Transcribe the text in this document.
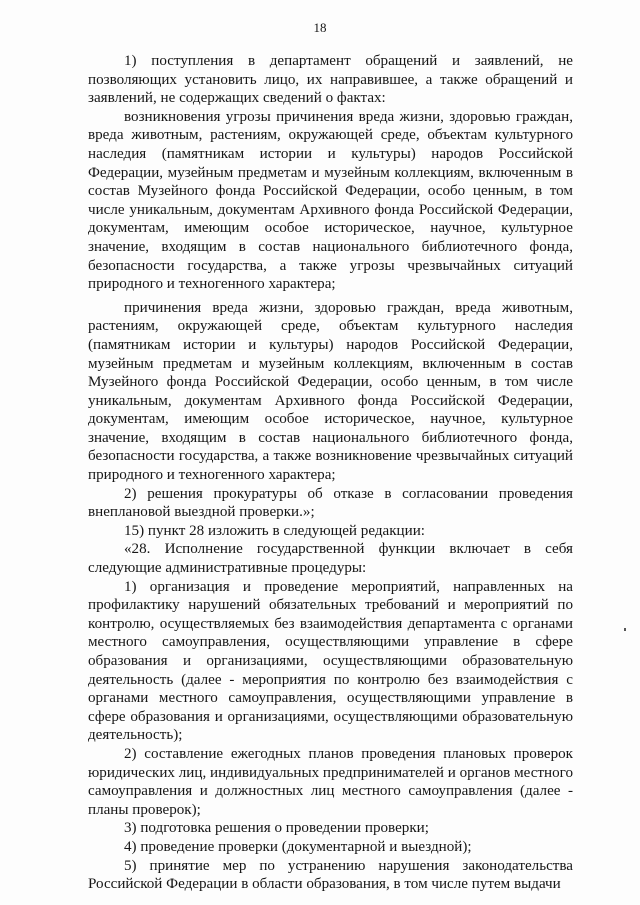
18

1) поступления в департамент обращений и заявлений, не позволяющих установить лицо, их направившее, а также обращений и заявлений, не содержащих сведений о фактах:

возникновения угрозы причинения вреда жизни, здоровью граждан, вреда животным, растениям, окружающей среде, объектам культурного наследия (памятникам истории и культуры) народов Российской Федерации, музейным предметам и музейным коллекциям, включенным в состав Музейного фонда Российской Федерации, особо ценным, в том числе уникальным, документам Архивного фонда Российской Федерации, документам, имеющим особое историческое, научное, культурное значение, входящим в состав национального библиотечного фонда, безопасности государства, а также угрозы чрезвычайных ситуаций природного и техногенного характера;

причинения вреда жизни, здоровью граждан, вреда животным, растениям, окружающей среде, объектам культурного наследия (памятникам истории и культуры) народов Российской Федерации, музейным предметам и музейным коллекциям, включенным в состав Музейного фонда Российской Федерации, особо ценным, в том числе уникальным, документам Архивного фонда Российской Федерации, документам, имеющим особое историческое, научное, культурное значение, входящим в состав национального библиотечного фонда, безопасности государства, а также возникновение чрезвычайных ситуаций природного и техногенного характера;

2) решения прокуратуры об отказе в согласовании проведения внеплановой выездной проверки.»;

15) пункт 28 изложить в следующей редакции:

«28. Исполнение государственной функции включает в себя следующие административные процедуры:

1) организация и проведение мероприятий, направленных на профилактику нарушений обязательных требований и мероприятий по контролю, осуществляемых без взаимодействия департамента с органами местного самоуправления, осуществляющими управление в сфере образования и организациями, осуществляющими образовательную деятельность (далее - мероприятия по контролю без взаимодействия с органами местного самоуправления, осуществляющими управление в сфере образования и организациями, осуществляющими образовательную деятельность);

2) составление ежегодных планов проведения плановых проверок юридических лиц, индивидуальных предпринимателей и органов местного самоуправления и должностных лиц местного самоуправления (далее - планы проверок);

3) подготовка решения о проведении проверки;

4) проведение проверки (документарной и выездной);

5) принятие мер по устранению нарушения законодательства Российской Федерации в области образования, в том числе путем выдачи
